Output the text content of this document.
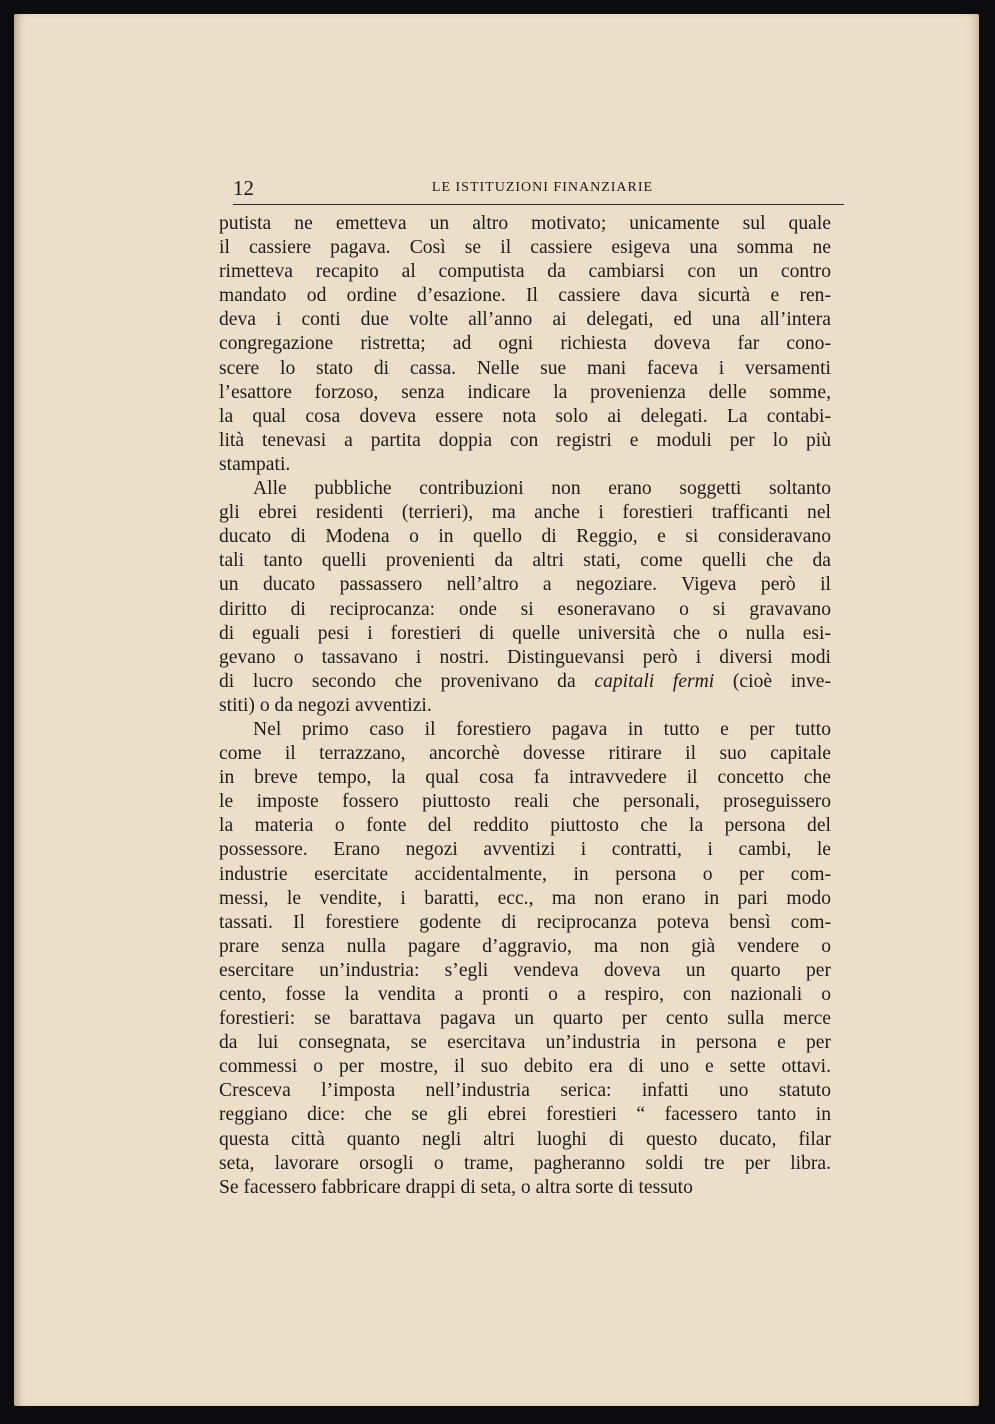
12	LE ISTITUZIONI FINANZIARIE
putista ne emetteva un altro motivato; unicamente sul quale
il cassiere pagava. Così se il cassiere esigeva una somma ne
rimetteva recapito al computista da cambiarsi con un contro
mandato od ordine d’esazione. Il cassiere dava sicurtà e ren-
deva i conti due volte all’anno ai delegati, ed una all’intera
congregazione ristretta; ad ogni richiesta doveva far cono-
scere lo stato di cassa. Nelle sue mani faceva i versamenti
l’esattore forzoso, senza indicare la provenienza delle somme,
la qual cosa doveva essere nota solo ai delegati. La contabi-
lità tenevasi a partita doppia con registri e moduli per lo più
stampati.
Alle pubbliche contribuzioni non erano soggetti soltanto
gli ebrei residenti (terrieri), ma anche i forestieri trafficanti nel
ducato di Modena o in quello di Reggio, e si consideravano
tali tanto quelli provenienti da altri stati, come quelli che da
un ducato passassero nell’altro a negoziare. Vigeva però il
diritto di reciprocanza: onde si esoneravano o si gravavano
di eguali pesi i forestieri di quelle università che o nulla esi-
gevano o tassavano i nostri. Distinguevansi però i diversi modi
di lucro secondo che provenivano da capitali fermi (cioè inve-
stiti) o da negozi avventizi.
Nel primo caso il forestiero pagava in tutto e per tutto
come il terrazzano, ancorchè dovesse ritirare il suo capitale
in breve tempo, la qual cosa fa intravvedere il concetto che
le imposte fossero piuttosto reali che personali, proseguissero
la materia o fonte del reddito piuttosto che la persona del
possessore. Erano negozi avventizi i contratti, i cambi, le
industrie esercitate accidentalmente, in persona o per com-
messi, le vendite, i baratti, ecc., ma non erano in pari modo
tassati. Il forestiere godente di reciprocanza poteva bensì com-
prare senza nulla pagare d’aggravio, ma non già vendere o
esercitare un’industria: s’egli vendeva doveva un quarto per
cento, fosse la vendita a pronti o a respiro, con nazionali o
forestieri: se barattava pagava un quarto per cento sulla merce
da lui consegnata, se esercitava un’industria in persona e per
commessi o per mostre, il suo debito era di uno e sette ottavi.
Cresceva l’imposta nell’industria serica: infatti uno statuto
reggiano dice: che se gli ebrei forestieri “ facessero tanto in
questa città quanto negli altri luoghi di questo ducato, filar
seta, lavorare orsogli o trame, pagheranno soldi tre per libra.
Se facessero fabbricare drappi di seta, o altra sorte di tessuto
